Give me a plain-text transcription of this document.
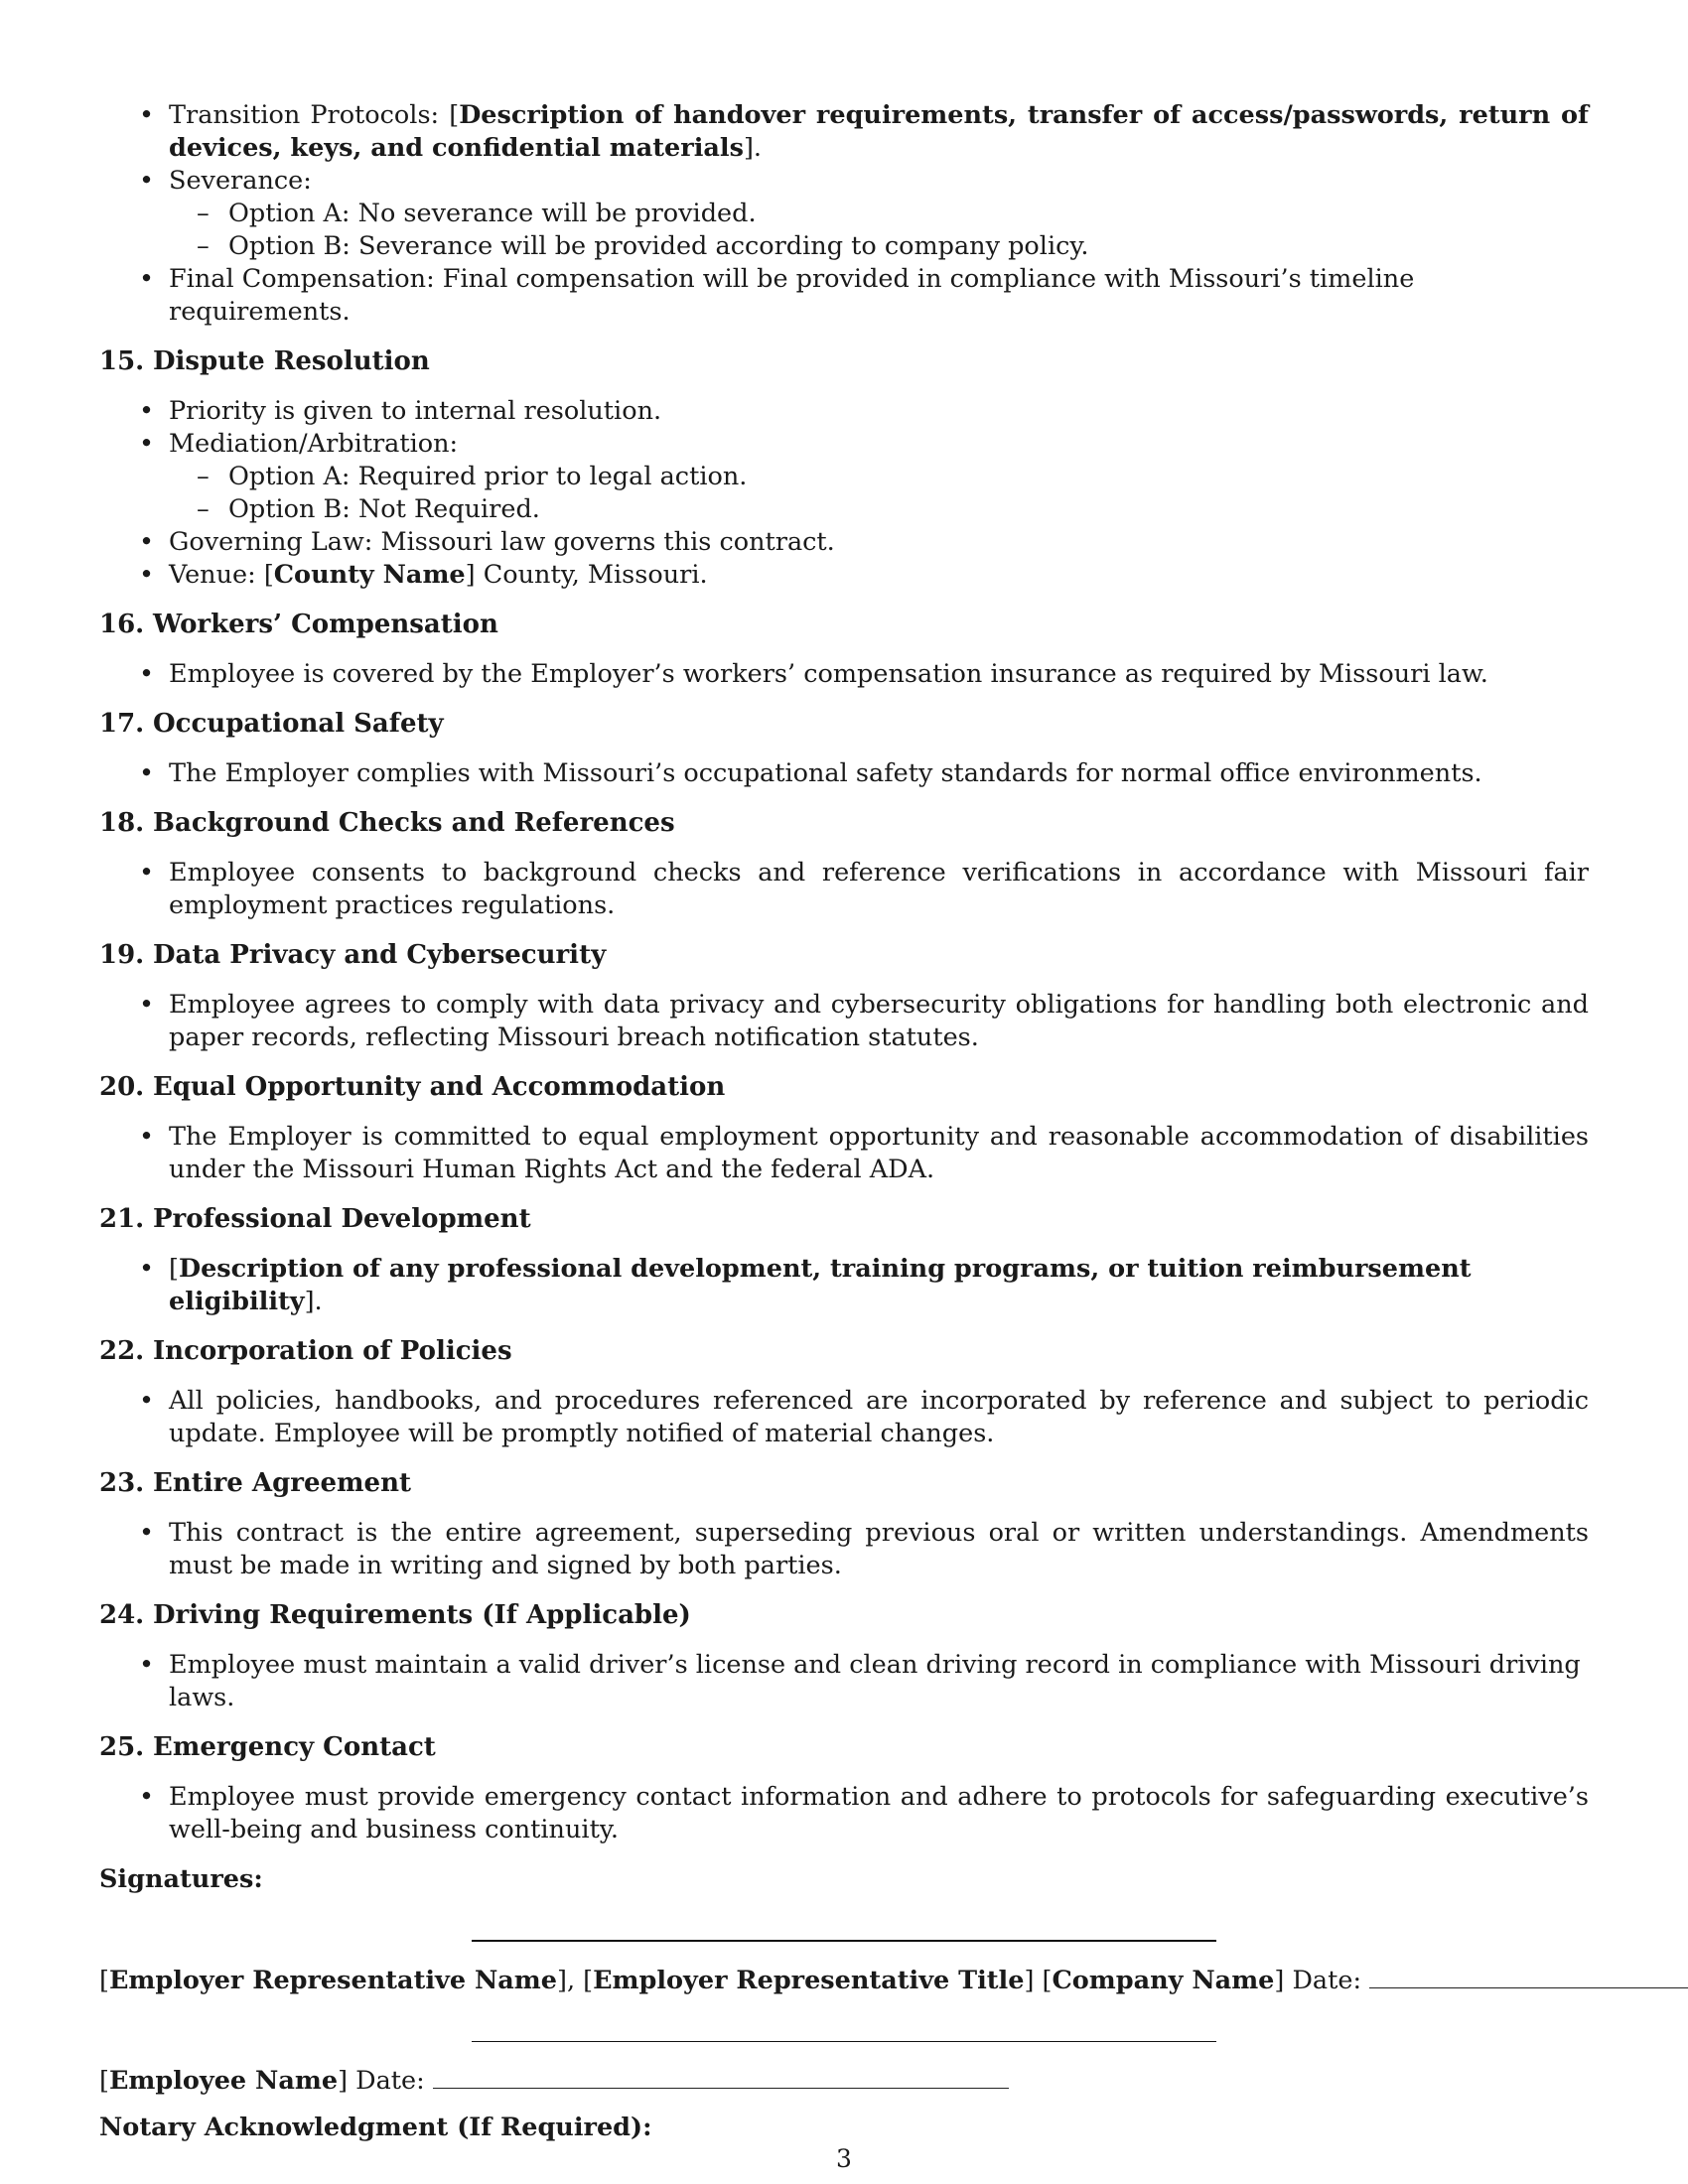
• Transition Protocols: [Description of handover requirements, transfer of access/passwords, return of devices, keys, and confidential materials].
• Severance:
– Option A: No severance will be provided.
– Option B: Severance will be provided according to company policy.
• Final Compensation: Final compensation will be provided in compliance with Missouri’s timeline requirements.
15. Dispute Resolution
• Priority is given to internal resolution.
• Mediation/Arbitration:
– Option A: Required prior to legal action.
– Option B: Not Required.
• Governing Law: Missouri law governs this contract.
• Venue: [County Name] County, Missouri.
16. Workers’ Compensation
• Employee is covered by the Employer’s workers’ compensation insurance as required by Missouri law.
17. Occupational Safety
• The Employer complies with Missouri’s occupational safety standards for normal office environments.
18. Background Checks and References
• Employee consents to background checks and reference verifications in accordance with Missouri fair employment practices regulations.
19. Data Privacy and Cybersecurity
• Employee agrees to comply with data privacy and cybersecurity obligations for handling both electronic and paper records, reflecting Missouri breach notification statutes.
20. Equal Opportunity and Accommodation
• The Employer is committed to equal employment opportunity and reasonable accommodation of disabilities under the Missouri Human Rights Act and the federal ADA.
21. Professional Development
• [Description of any professional development, training programs, or tuition reimbursement eligibility].
22. Incorporation of Policies
• All policies, handbooks, and procedures referenced are incorporated by reference and subject to periodic update. Employee will be promptly notified of material changes.
23. Entire Agreement
• This contract is the entire agreement, superseding previous oral or written understandings. Amendments must be made in writing and signed by both parties.
24. Driving Requirements (If Applicable)
• Employee must maintain a valid driver’s license and clean driving record in compliance with Missouri driving laws.
25. Emergency Contact
• Employee must provide emergency contact information and adhere to protocols for safeguarding executive’s well-being and business continuity.
Signatures:
[Employer Representative Name], [Employer Representative Title] [Company Name] Date:
[Employee Name] Date:
Notary Acknowledgment (If Required):
3
